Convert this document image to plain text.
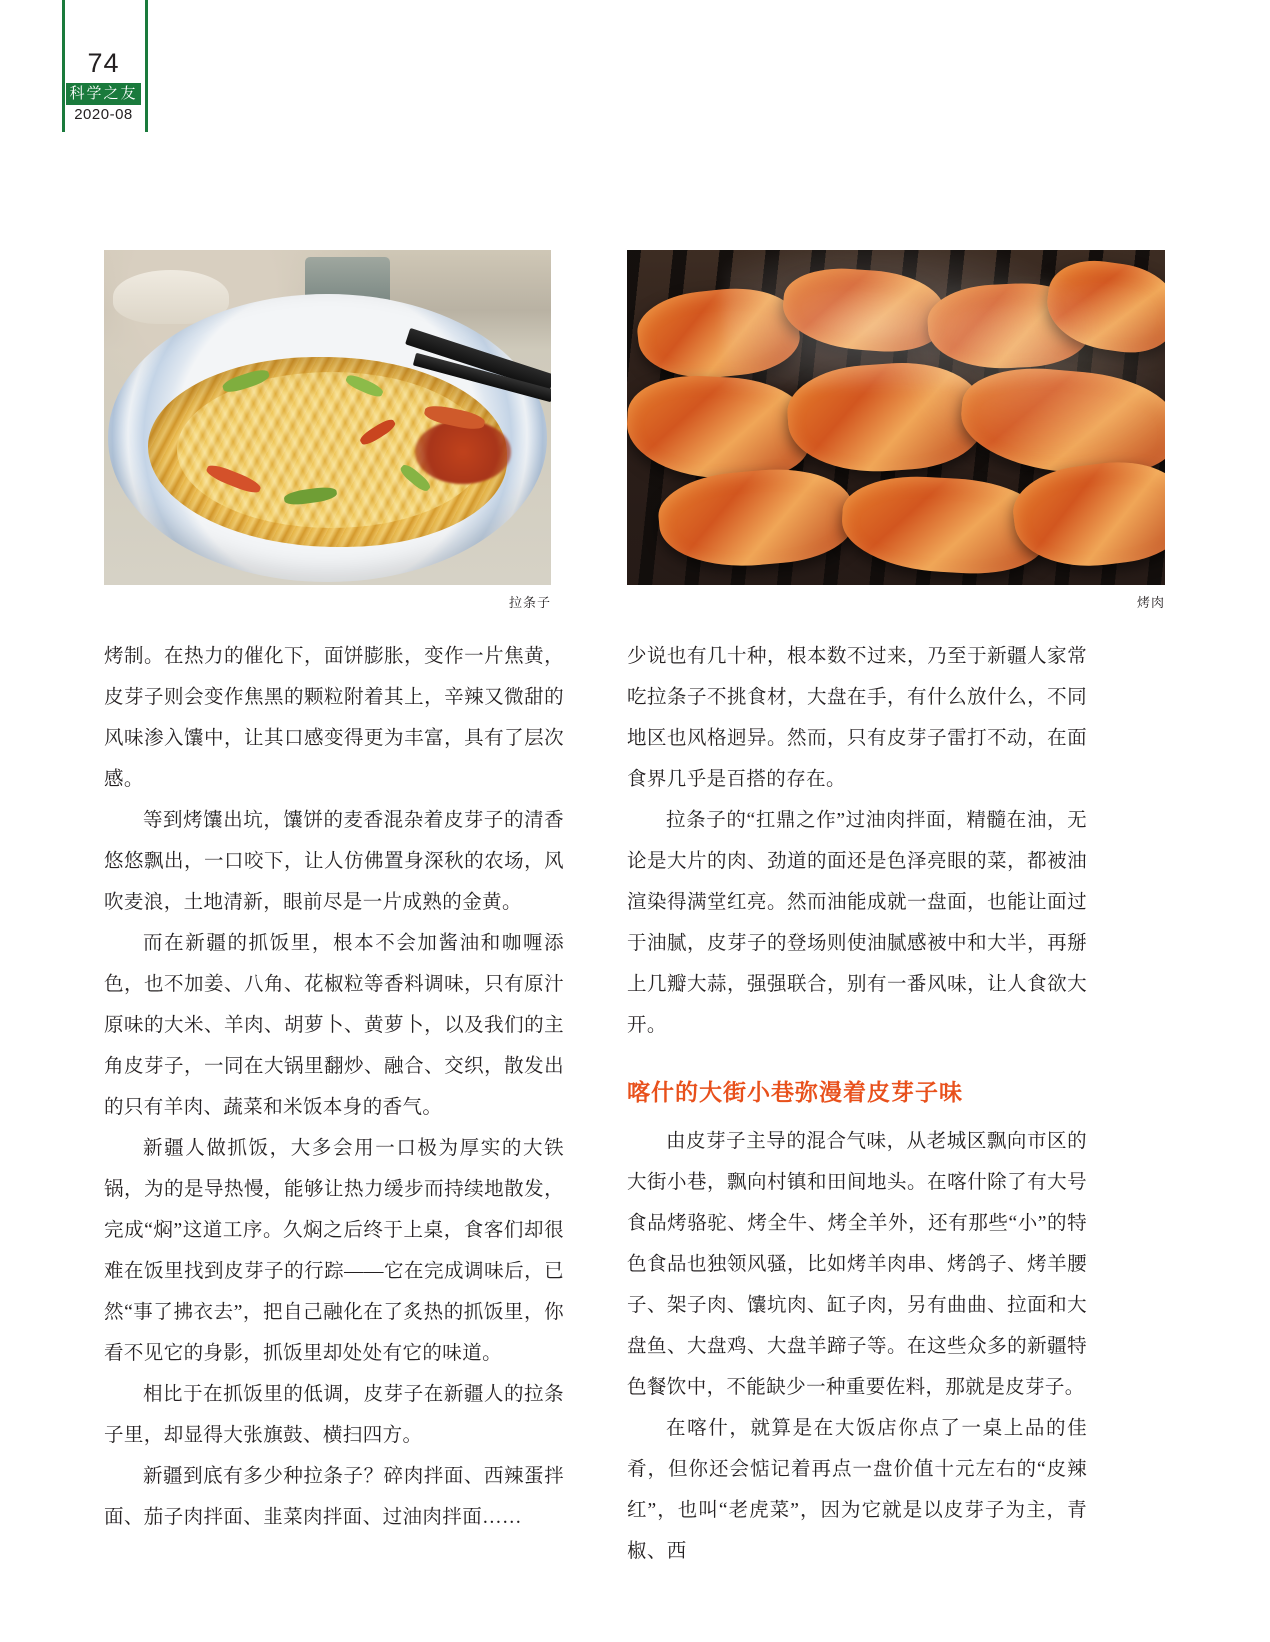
74
科学之友
2020-08
拉条子	烤肉

烤制。在热力的催化下，面饼膨胀，变作一片焦黄，皮芽子则会变作焦黑的颗粒附着其上，辛辣又微甜的风味渗入馕中，让其口感变得更为丰富，具有了层次感。

等到烤馕出坑，馕饼的麦香混杂着皮芽子的清香悠悠飘出，一口咬下，让人仿佛置身深秋的农场，风吹麦浪，土地清新，眼前尽是一片成熟的金黄。

而在新疆的抓饭里，根本不会加酱油和咖喱添色，也不加姜、八角、花椒粒等香料调味，只有原汁原味的大米、羊肉、胡萝卜、黄萝卜，以及我们的主角皮芽子，一同在大锅里翻炒、融合、交织，散发出的只有羊肉、蔬菜和米饭本身的香气。

新疆人做抓饭，大多会用一口极为厚实的大铁锅，为的是导热慢，能够让热力缓步而持续地散发，完成“焖”这道工序。久焖之后终于上桌，食客们却很难在饭里找到皮芽子的行踪——它在完成调味后，已然“事了拂衣去”，把自己融化在了炙热的抓饭里，你看不见它的身影，抓饭里却处处有它的味道。

相比于在抓饭里的低调，皮芽子在新疆人的拉条子里，却显得大张旗鼓、横扫四方。

新疆到底有多少种拉条子？碎肉拌面、西辣蛋拌面、茄子肉拌面、韭菜肉拌面、过油肉拌面……

少说也有几十种，根本数不过来，乃至于新疆人家常吃拉条子不挑食材，大盘在手，有什么放什么，不同地区也风格迥异。然而，只有皮芽子雷打不动，在面食界几乎是百搭的存在。

拉条子的“扛鼎之作”过油肉拌面，精髓在油，无论是大片的肉、劲道的面还是色泽亮眼的菜，都被油渲染得满堂红亮。然而油能成就一盘面，也能让面过于油腻，皮芽子的登场则使油腻感被中和大半，再掰上几瓣大蒜，强强联合，别有一番风味，让人食欲大开。

喀什的大街小巷弥漫着皮芽子味

由皮芽子主导的混合气味，从老城区飘向市区的大街小巷，飘向村镇和田间地头。在喀什除了有大号食品烤骆驼、烤全牛、烤全羊外，还有那些“小”的特色食品也独领风骚，比如烤羊肉串、烤鸽子、烤羊腰子、架子肉、馕坑肉、缸子肉，另有曲曲、拉面和大盘鱼、大盘鸡、大盘羊蹄子等。在这些众多的新疆特色餐饮中，不能缺少一种重要佐料，那就是皮芽子。

在喀什，就算是在大饭店你点了一桌上品的佳肴，但你还会惦记着再点一盘价值十元左右的“皮辣红”，也叫“老虎菜”，因为它就是以皮芽子为主，青椒、西
